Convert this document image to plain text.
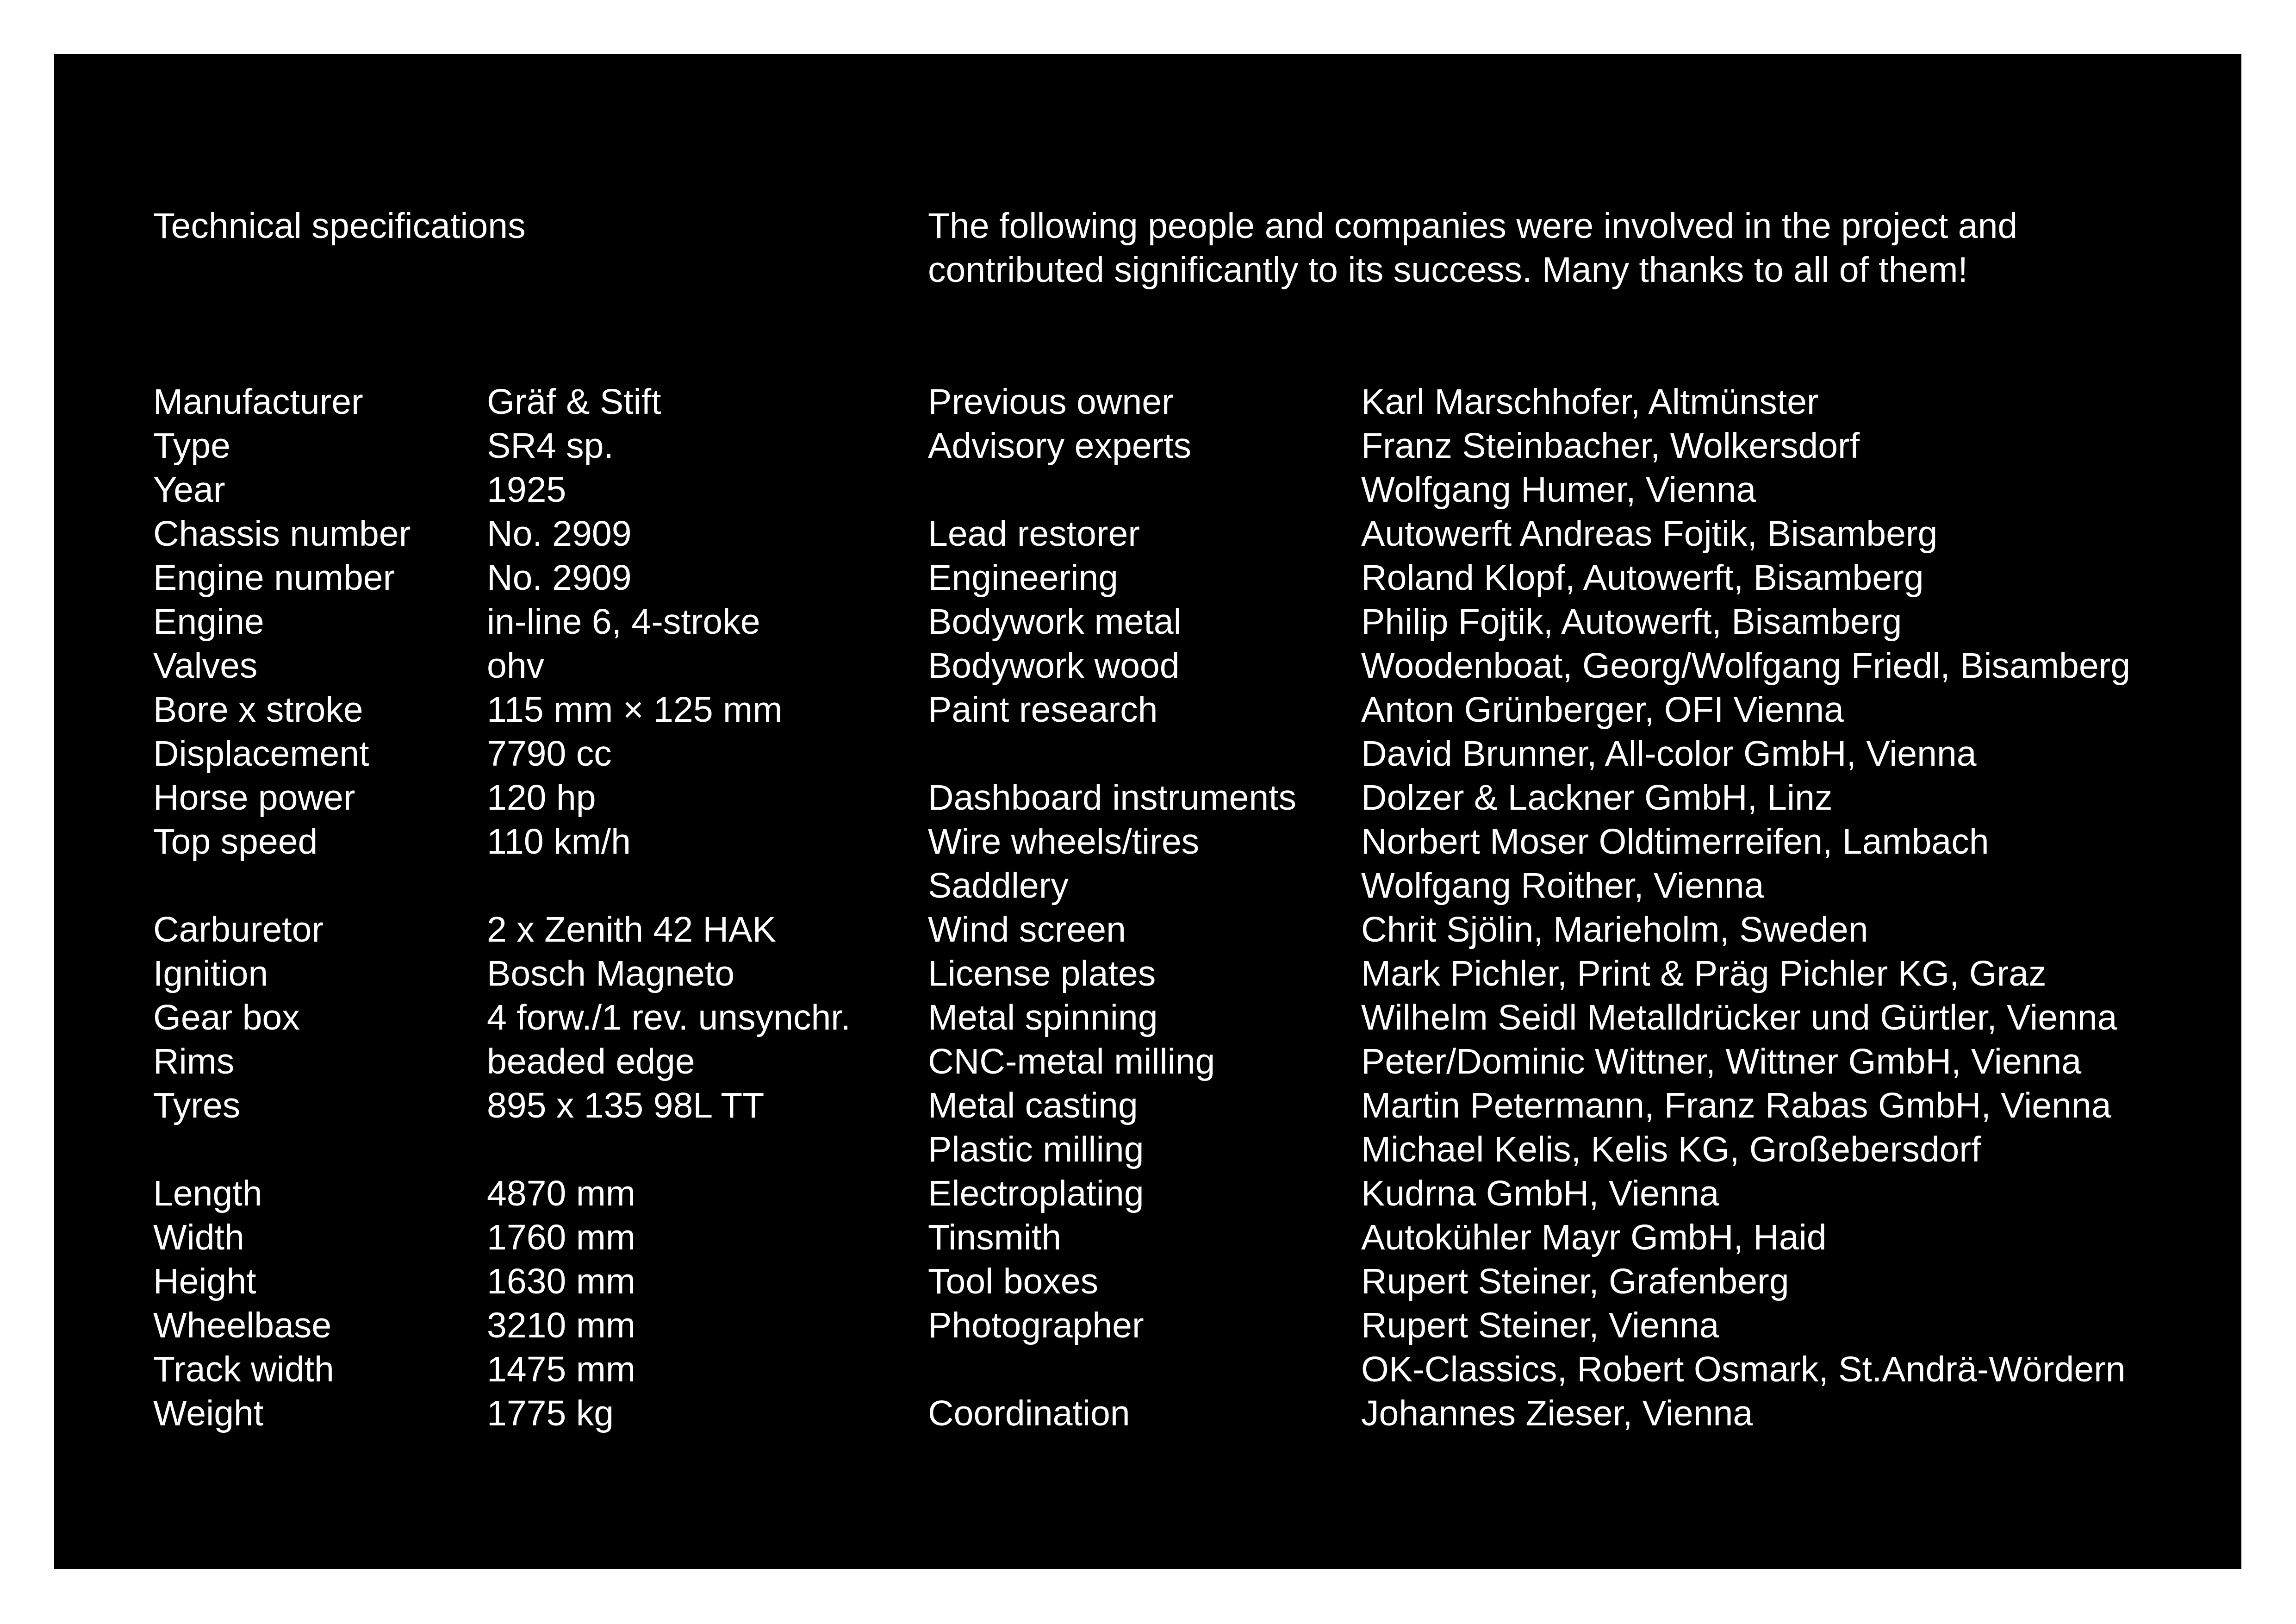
Technical specifications	The following people and companies were involved in the project and
contributed significantly to its success. Many thanks to all of them!
Manufacturer
Type
Year
Chassis number
Engine number
Engine
Valves
Bore x stroke
Displacement
Horse power
Top speed
Carburetor
Ignition
Gear box
Rims
Tyres
Length
Width
Height
Wheelbase
Track width
Weight
Gräf & Stift
SR4 sp.
1925
No. 2909
No. 2909
in-line 6, 4-stroke
ohv
115 mm × 125 mm
7790 cc
120 hp
110 km/h
2 x Zenith 42 HAK
Bosch Magneto
4 forw./1 rev. unsynchr.
beaded edge
895 x 135 98L TT
4870 mm
1760 mm
1630 mm
3210 mm
1475 mm
1775 kg
Previous owner
Advisory experts
Lead restorer
Engineering
Bodywork metal
Bodywork wood
Paint research
Dashboard instruments
Wire wheels/tires
Saddlery
Wind screen
License plates
Metal spinning
CNC-metal milling
Metal casting
Plastic milling
Electroplating
Tinsmith
Tool boxes
Photographer
Coordination
Karl Marschhofer, Altmünster
Franz Steinbacher, Wolkersdorf
Wolfgang Humer, Vienna
Autowerft Andreas Fojtik, Bisamberg
Roland Klopf, Autowerft, Bisamberg
Philip Fojtik, Autowerft, Bisamberg
Woodenboat, Georg/Wolfgang Friedl, Bisamberg
Anton Grünberger, OFI Vienna
David Brunner, All-color GmbH, Vienna
Dolzer & Lackner GmbH, Linz
Norbert Moser Oldtimerreifen, Lambach
Wolfgang Roither, Vienna
Chrit Sjölin, Marieholm, Sweden
Mark Pichler, Print & Präg Pichler KG, Graz
Wilhelm Seidl Metalldrücker und Gürtler, Vienna
Peter/Dominic Wittner, Wittner GmbH, Vienna
Martin Petermann, Franz Rabas GmbH, Vienna
Michael Kelis, Kelis KG, Großebersdorf
Kudrna GmbH, Vienna
Autokühler Mayr GmbH, Haid
Rupert Steiner, Grafenberg
Rupert Steiner, Vienna
OK-Classics, Robert Osmark, St.Andrä-Wördern
Johannes Zieser, Vienna
